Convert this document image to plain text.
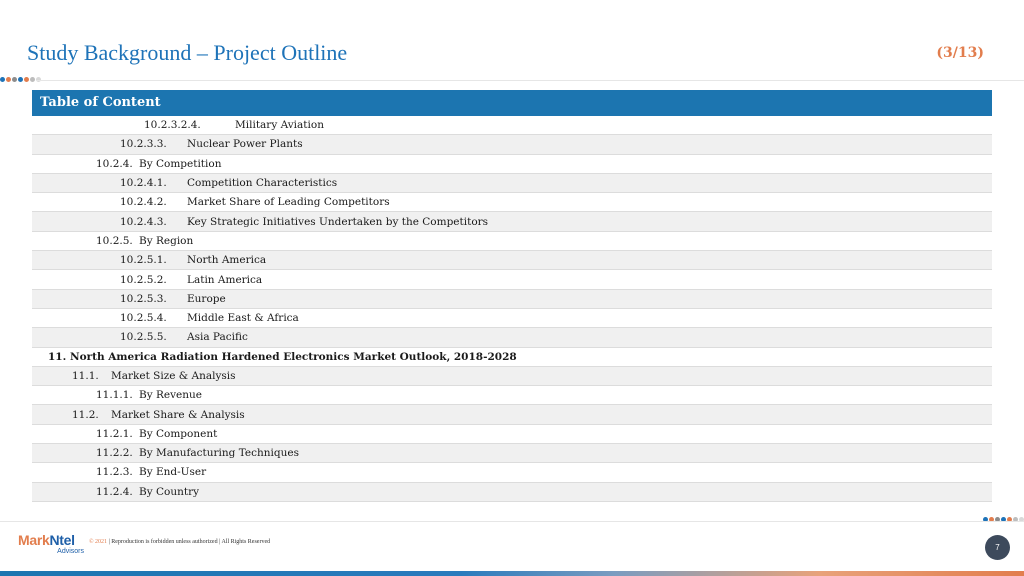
Study Background – Project Outline	(3/13)
Table of Content
10.2.3.2.4.	Military Aviation
10.2.3.3. Nuclear Power Plants
10.2.4. By Competition
10.2.4.1. Competition Characteristics
10.2.4.2. Market Share of Leading Competitors
10.2.4.3. Key Strategic Initiatives Undertaken by the Competitors
10.2.5. By Region
10.2.5.1. North America
10.2.5.2. Latin America
10.2.5.3. Europe
10.2.5.4. Middle East & Africa
10.2.5.5. Asia Pacific
11. North America Radiation Hardened Electronics Market Outlook, 2018-2028
11.1. Market Size & Analysis
11.1.1. By Revenue
11.2. Market Share & Analysis
11.2.1. By Component
11.2.2. By Manufacturing Techniques
11.2.3. By End-User
11.2.4. By Country
MarkNtel
Advisors
© 2021 | Reproduction is forbidden unless authorized | All Rights Reserved
7
